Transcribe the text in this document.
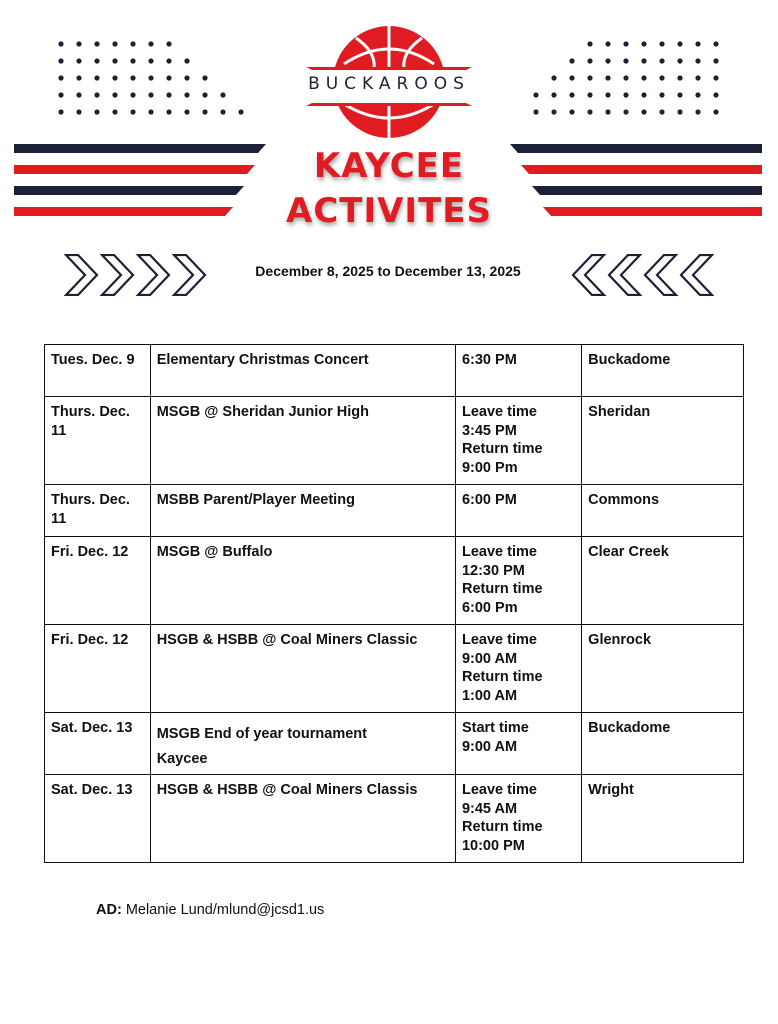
BUCKAROOS
KAYCEE
ACTIVITES
December 8, 2025 to December 13, 2025
Tues. Dec. 9	Elementary Christmas Concert	6:30 PM	Buckadome

Thurs. Dec.
11	MSGB @ Sheridan Junior High	Leave time
3:45 PM
Return time
9:00 Pm	Sheridan

Thurs. Dec.
11	MSBB Parent/Player Meeting	6:00 PM	Commons

Fri. Dec. 12	MSGB @ Buffalo	Leave time
12:30 PM
Return time
6:00 Pm	Clear Creek

Fri. Dec. 12	HSGB & HSBB @ Coal Miners Classic	Leave time
9:00 AM
Return time
1:00 AM	Glenrock

Sat. Dec. 13	MSGB End of year tournament
Kaycee	Start time
9:00 AM	Buckadome

Sat. Dec. 13	HSGB & HSBB @ Coal Miners Classis	Leave time
9:45 AM
Return time
10:00 PM	Wright
AD: Melanie Lund/mlund@jcsd1.us
